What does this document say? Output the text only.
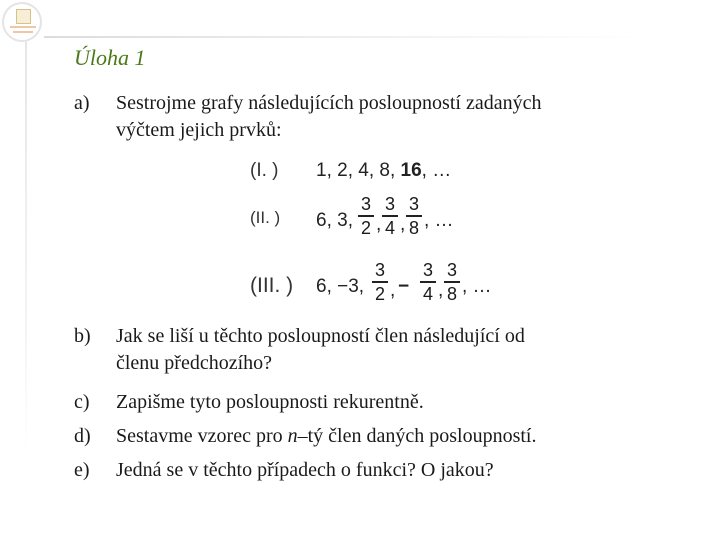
Úloha 1
a) Sestrojme grafy následujících posloupností zadaných
výčtem jejich prvků:
(I. ) 1, 2, 4, 8, 16, …
(II. ) 6, 3,
3
2 ,
3
4 ,
3
8 , …
(III. ) 6, −3,
3
2 , −
3
4 ,
3
8 , …
b) Jak se liší u těchto posloupností člen následující od
členu předchozího?
c) Zapišme tyto posloupnosti rekurentně.
d) Sestavme vzorec pro n–tý člen daných posloupností.
e) Jedná se v těchto případech o funkci? O jakou?
